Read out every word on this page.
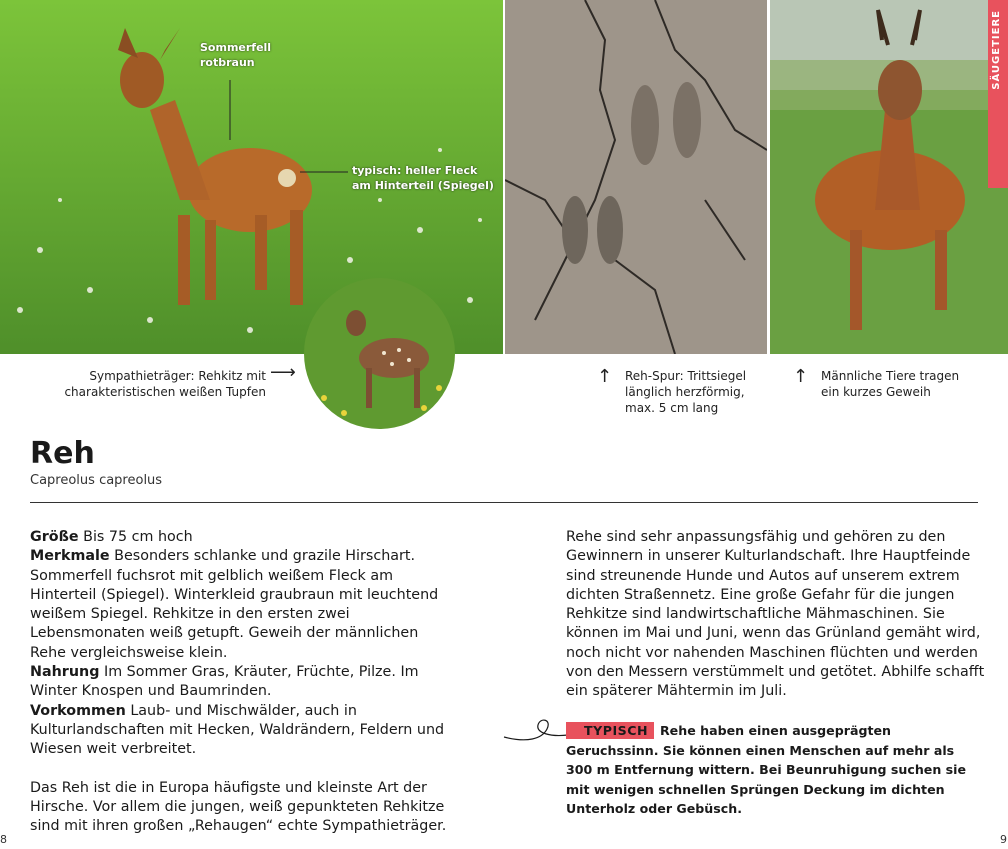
Sommerfell rotbraun
typisch: heller Fleck am Hinterteil (Spiegel)
SÄUGETIERE
Sympathieträger: Rehkitz mit charakteristischen weißen Tupfen
⟶	↑ Reh-Spur: Trittsiegel länglich herzförmig, max. 5 cm lang
↑ Männliche Tiere tragen ein kurzes Geweih
Reh
Capreolus capreolus

Größe Bis 75 cm hoch

Merkmale Besonders schlanke und grazile Hirschart. Sommerfell fuchsrot mit gelblich weißem Fleck am Hinterteil (Spiegel). Winterkleid graubraun mit leuchtend weißem Spiegel. Rehkitze in den ersten zwei Lebensmonaten weiß getupft. Geweih der männlichen Rehe vergleichsweise klein.

Nahrung Im Sommer Gras, Kräuter, Früchte, Pilze. Im Winter Knospen und Baumrinden.

Vorkommen Laub- und Mischwälder, auch in Kulturlandschaften mit Hecken, Waldrändern, Feldern und Wiesen weit verbreitet.

Das Reh ist die in Europa häufigste und kleinste Art der Hirsche. Vor allem die jungen, weiß gepunkteten Rehkitze sind mit ihren großen „Rehaugen“ echte Sympathieträger.

Rehe sind sehr anpassungsfähig und gehören zu den Gewinnern in unserer Kulturlandschaft. Ihre Hauptfeinde sind streunende Hunde und Autos auf unserem extrem dichten Straßennetz. Eine große Gefahr für die jungen Rehkitze sind landwirtschaftliche Mähmaschinen. Sie können im Mai und Juni, wenn das Grünland gemäht wird, noch nicht vor nahenden Maschinen flüchten und werden von den Messern verstümmelt und getötet. Abhilfe schafft ein späterer Mähtermin im Juli.

TYPISCH Rehe haben einen ausgeprägten Geruchssinn. Sie können einen Menschen auf mehr als 300 m Entfernung wittern. Bei Beunruhigung suchen sie mit wenigen schnellen Sprüngen Deckung im dichten Unterholz oder Gebüsch.
8	9
